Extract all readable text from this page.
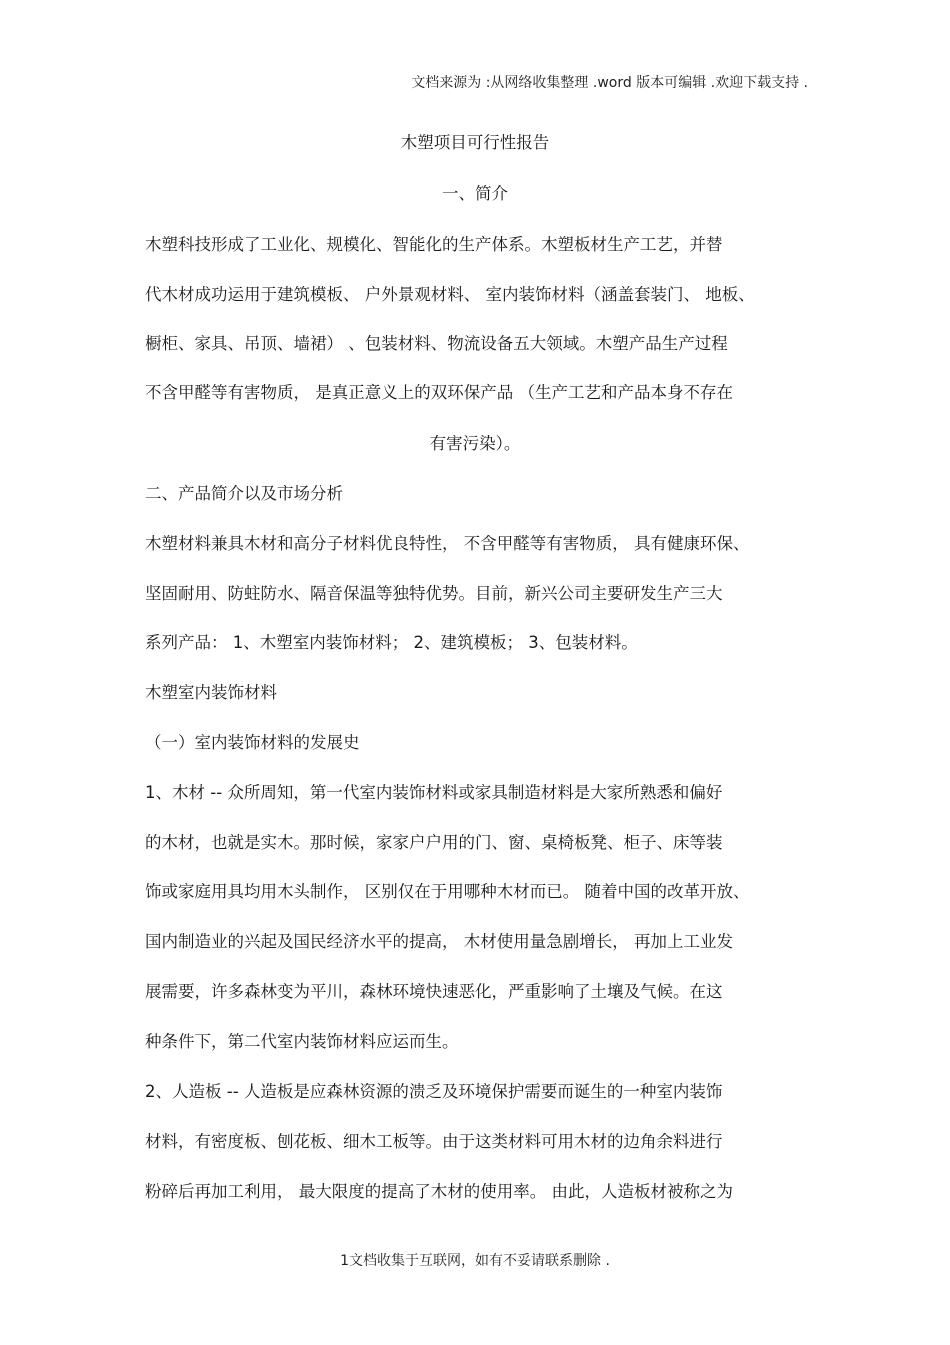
文档来源为 :从网络收集整理 .word 版本可编辑 .欢迎下载支持 .
木塑项目可行性报告
一、简介
木塑科技形成了工业化、规模化、智能化的生产体系。木塑板材生产工艺，并替
代木材成功运用于建筑模板、 户外景观材料、 室内装饰材料（涵盖套装门、 地板、
橱柜、家具、吊顶、墙裙） 、包装材料、物流设备五大领域。木塑产品生产过程
不含甲醛等有害物质， 是真正意义上的双环保产品 （生产工艺和产品本身不存在
有害污染）。
二、产品简介以及市场分析
木塑材料兼具木材和高分子材料优良特性， 不含甲醛等有害物质， 具有健康环保、
坚固耐用、防蛀防水、隔音保温等独特优势。目前，新兴公司主要研发生产三大
系列产品： 1、木塑室内装饰材料； 2、建筑模板； 3、包装材料。
木塑室内装饰材料
（一）室内装饰材料的发展史
1、木材 -- 众所周知，第一代室内装饰材料或家具制造材料是大家所熟悉和偏好
的木材，也就是实木。那时候，家家户户用的门、窗、桌椅板凳、柜子、床等装
饰或家庭用具均用木头制作， 区别仅在于用哪种木材而已。 随着中国的改革开放、
国内制造业的兴起及国民经济水平的提高， 木材使用量急剧增长， 再加上工业发
展需要，许多森林变为平川，森林环境快速恶化，严重影响了土壤及气候。在这
种条件下，第二代室内装饰材料应运而生。
2、人造板 -- 人造板是应森林资源的溃乏及环境保护需要而诞生的一种室内装饰
材料，有密度板、刨花板、细木工板等。由于这类材料可用木材的边角余料进行
粉碎后再加工利用， 最大限度的提高了木材的使用率。 由此，人造板材被称之为
1文档收集于互联网，如有不妥请联系删除 .
